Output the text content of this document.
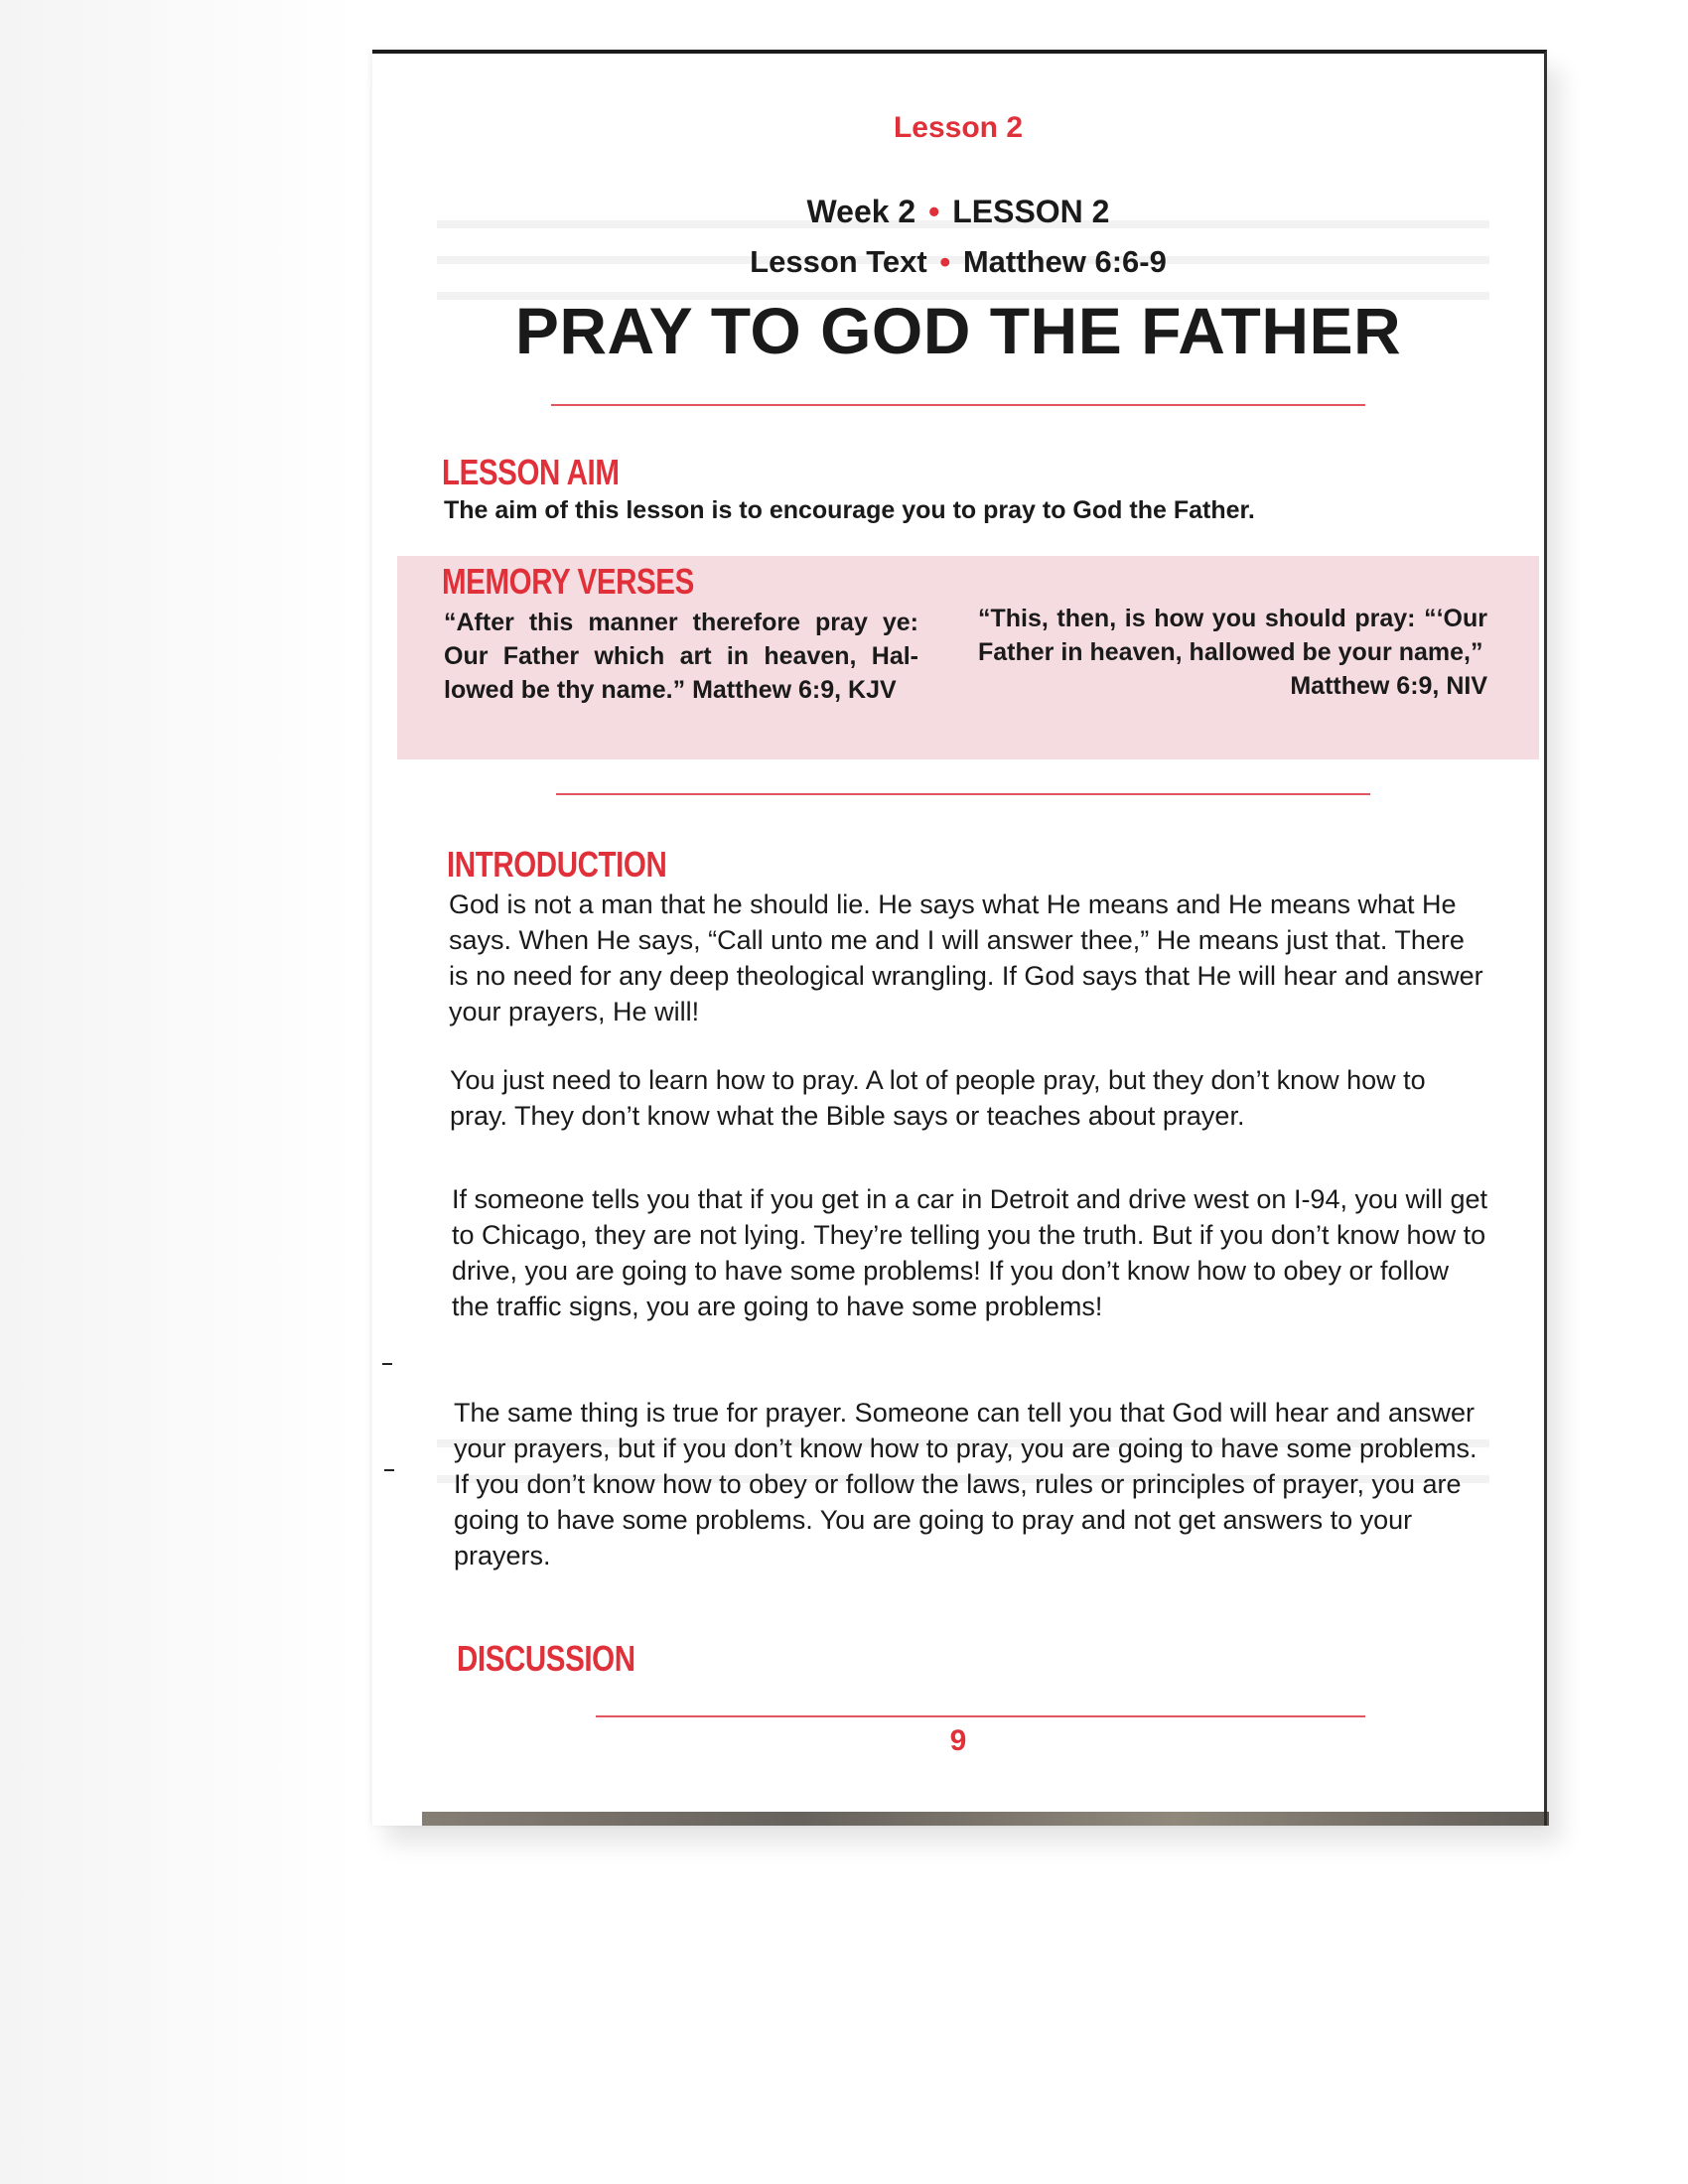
Lesson 2
Week 2 • LESSON 2
Lesson Text • Matthew 6:6-9
PRAY TO GOD THE FATHER
LESSON AIM
The aim of this lesson is to encourage you to pray to God the Father.
MEMORY VERSES
“After this manner therefore pray ye: Our Father which art in heaven, Hal-lowed be thy name.” Matthew 6:9, KJV
“This, then, is how you should pray: “‘Our Father in heaven, hallowed be your name,”
Matthew 6:9, NIV
INTRODUCTION
God is not a man that he should lie. He says what He means and He means what He says. When He says, “Call unto me and I will answer thee,” He means just that. There is no need for any deep theological wrangling. If God says that He will hear and answer your prayers, He will!
You just need to learn how to pray. A lot of people pray, but they don’t know how to pray. They don’t know what the Bible says or teaches about prayer.
If someone tells you that if you get in a car in Detroit and drive west on I-94, you will get to Chicago, they are not lying. They’re telling you the truth. But if you don’t know how to drive, you are going to have some problems! If you don’t know how to obey or follow the traffic signs, you are going to have some problems!
The same thing is true for prayer. Someone can tell you that God will hear and answer your prayers, but if you don’t know how to pray, you are going to have some problems. If you don’t know how to obey or follow the laws, rules or principles of prayer, you are going to have some problems. You are going to pray and not get answers to your prayers.
DISCUSSION
9
